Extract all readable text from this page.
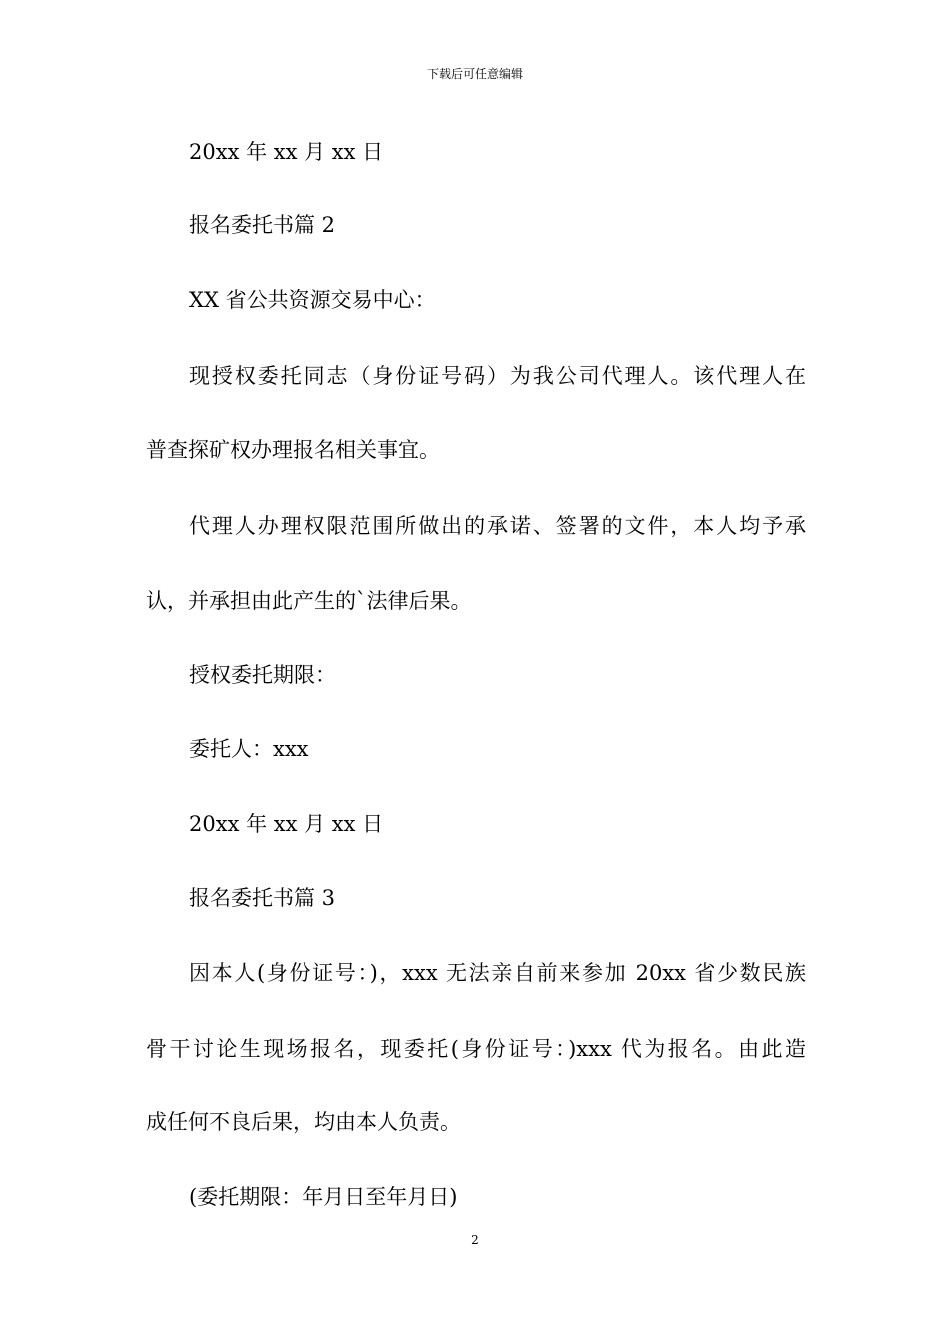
下载后可任意编辑
20xx 年 xx 月 xx 日
报名委托书篇 2
XX 省公共资源交易中心：
现授权委托同志（身份证号码）为我公司代理人。该代理人在
普查探矿权办理报名相关事宜。
代理人办理权限范围所做出的承诺、签署的文件，本人均予承
认，并承担由此产生的`法律后果。
授权委托期限：
委托人：xxx
20xx 年 xx 月 xx 日
报名委托书篇 3
因本人(身份证号：)，xxx 无法亲自前来参加 20xx 省少数民族
骨干讨论生现场报名，现委托(身份证号：)xxx 代为报名。由此造
成任何不良后果，均由本人负责。
(委托期限：年月日至年月日)
2
